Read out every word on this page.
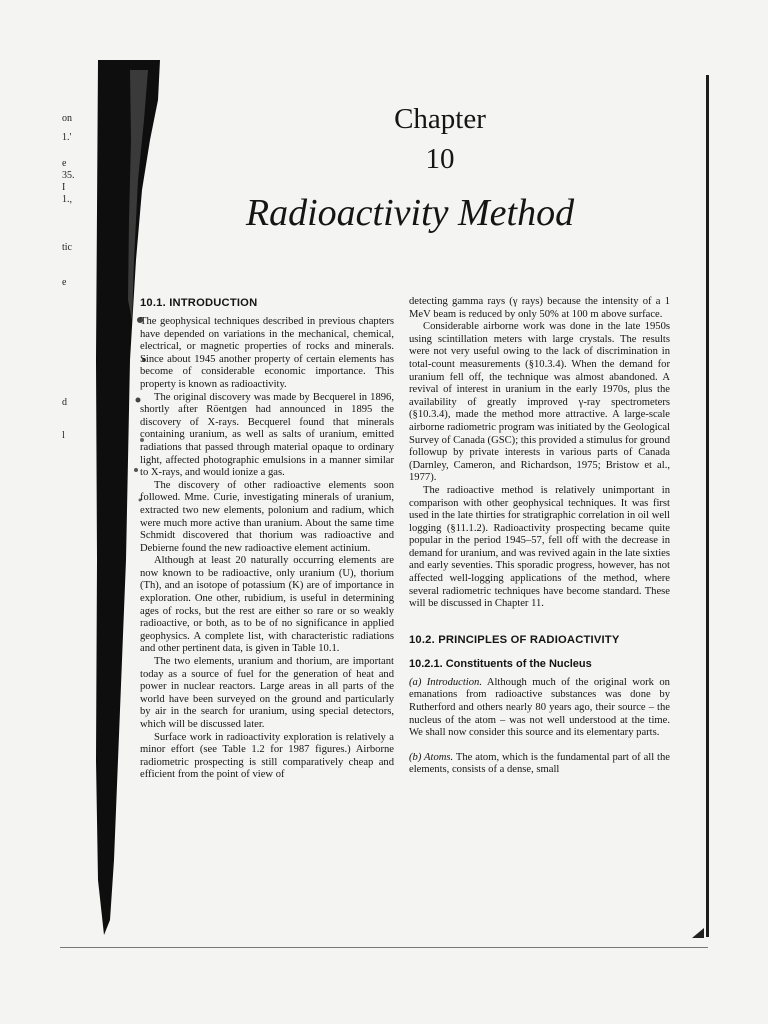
on
1.'
e
35.
I
1.,
tic
e
d
l
Chapter
10
Radioactivity Method
10.1. INTRODUCTION

The geophysical techniques described in previous chapters have depended on variations in the mechanical, chemical, electrical, or magnetic properties of rocks and minerals. Since about 1945 another property of certain elements has become of considerable economic importance. This property is known as radioactivity.

The original discovery was made by Becquerel in 1896, shortly after Röentgen had announced in 1895 the discovery of X-rays. Becquerel found that minerals containing uranium, as well as salts of uranium, emitted radiations that passed through material opaque to ordinary light, affected photographic emulsions in a manner similar to X-rays, and would ionize a gas.

The discovery of other radioactive elements soon followed. Mme. Curie, investigating minerals of uranium, extracted two new elements, polonium and radium, which were much more active than uranium. About the same time Schmidt discovered that thorium was radioactive and Debierne found the new radioactive element actinium.

Although at least 20 naturally occurring elements are now known to be radioactive, only uranium (U), thorium (Th), and an isotope of potassium (K) are of importance in exploration. One other, rubidium, is useful in determining ages of rocks, but the rest are either so rare or so weakly radioactive, or both, as to be of no significance in applied geophysics. A complete list, with characteristic radiations and other pertinent data, is given in Table 10.1.

The two elements, uranium and thorium, are important today as a source of fuel for the generation of heat and power in nuclear reactors. Large areas in all parts of the world have been surveyed on the ground and particularly by air in the search for uranium, using special detectors, which will be discussed later.

Surface work in radioactivity exploration is relatively a minor effort (see Table 1.2 for 1987 figures.) Airborne radiometric prospecting is still comparatively cheap and efficient from the point of view of

detecting gamma rays (γ rays) because the intensity of a 1 MeV beam is reduced by only 50% at 100 m above surface.

Considerable airborne work was done in the late 1950s using scintillation meters with large crystals. The results were not very useful owing to the lack of discrimination in total-count measurements (§10.3.4). When the demand for uranium fell off, the technique was almost abandoned. A revival of interest in uranium in the early 1970s, plus the availability of greatly improved γ-ray spectrometers (§10.3.4), made the method more attractive. A large-scale airborne radiometric program was initiated by the Geological Survey of Canada (GSC); this provided a stimulus for ground followup by private interests in various parts of Canada (Darnley, Cameron, and Richardson, 1975; Bristow et al., 1977).

The radioactive method is relatively unimportant in comparison with other geophysical techniques. It was first used in the late thirties for stratigraphic correlation in oil well logging (§11.1.2). Radioactivity prospecting became quite popular in the period 1945–57, fell off with the decrease in demand for uranium, and was revived again in the late sixties and early seventies. This sporadic progress, however, has not affected well-logging applications of the method, where several radiometric techniques have become standard. These will be discussed in Chapter 11.

10.2. PRINCIPLES OF RADIOACTIVITY
10.2.1. Constituents of the Nucleus

(a) Introduction. Although much of the original work on emanations from radioactive substances was done by Rutherford and others nearly 80 years ago, their source – the nucleus of the atom – was not well understood at the time. We shall now consider this source and its elementary parts.

(b) Atoms. The atom, which is the fundamental part of all the elements, consists of a dense, small
